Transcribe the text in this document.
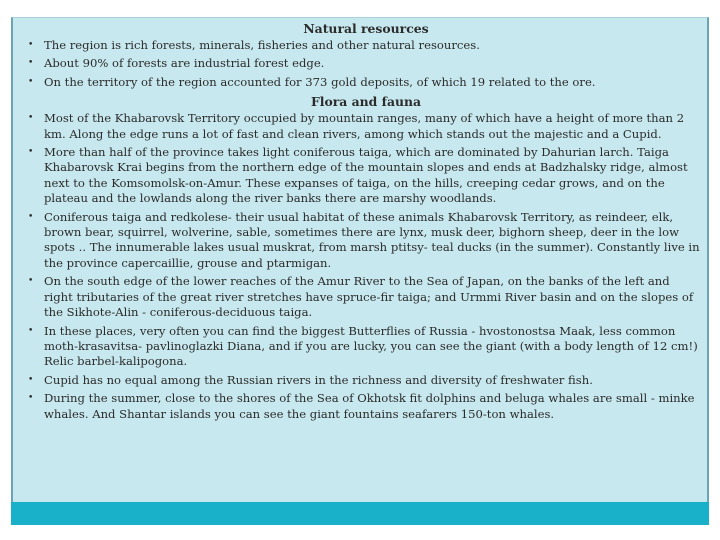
Natural resources
• The region is rich forests, minerals, fisheries and other natural resources.
• About 90% of forests are industrial forest edge.
• On the territory of the region accounted for 373 gold deposits, of which 19 related to the ore.
Flora and fauna
• Most of the Khabarovsk Territory occupied by mountain ranges, many of which have a height of more than 2 km. Along the edge runs a lot of fast and clean rivers, among which stands out the majestic and a Cupid.
• More than half of the province takes light coniferous taiga, which are dominated by Dahurian larch. Taiga Khabarovsk Krai begins from the northern edge of the mountain slopes and ends at Badzhalsky ridge, almost next to the Komsomolsk-on-Amur. These expanses of taiga, on the hills, creeping cedar grows, and on the plateau and the lowlands along the river banks there are marshy woodlands.
• Coniferous taiga and redkolese- their usual habitat of these animals Khabarovsk Territory, as reindeer, elk, brown bear, squirrel, wolverine, sable, sometimes there are lynx, musk deer, bighorn sheep, deer in the low spots .. The innumerable lakes usual muskrat, from marsh ptitsy- teal ducks (in the summer). Constantly live in the province capercaillie, grouse and ptarmigan.
• On the south edge of the lower reaches of the Amur River to the Sea of Japan, on the banks of the left and right tributaries of the great river stretches have spruce-fir taiga; and Urmmi River basin and on the slopes of the Sikhote-Alin - coniferous-deciduous taiga.
• In these places, very often you can find the biggest Butterflies of Russia - hvostonostsa Maak, less common moth-krasavitsa- pavlinoglazki Diana, and if you are lucky, you can see the giant (with a body length of 12 cm!) Relic barbel-kalipogona.
• Cupid has no equal among the Russian rivers in the richness and diversity of freshwater fish.
• During the summer, close to the shores of the Sea of Okhotsk fit dolphins and beluga whales are small - minke whales. And Shantar islands you can see the giant fountains seafarers 150-ton whales.
